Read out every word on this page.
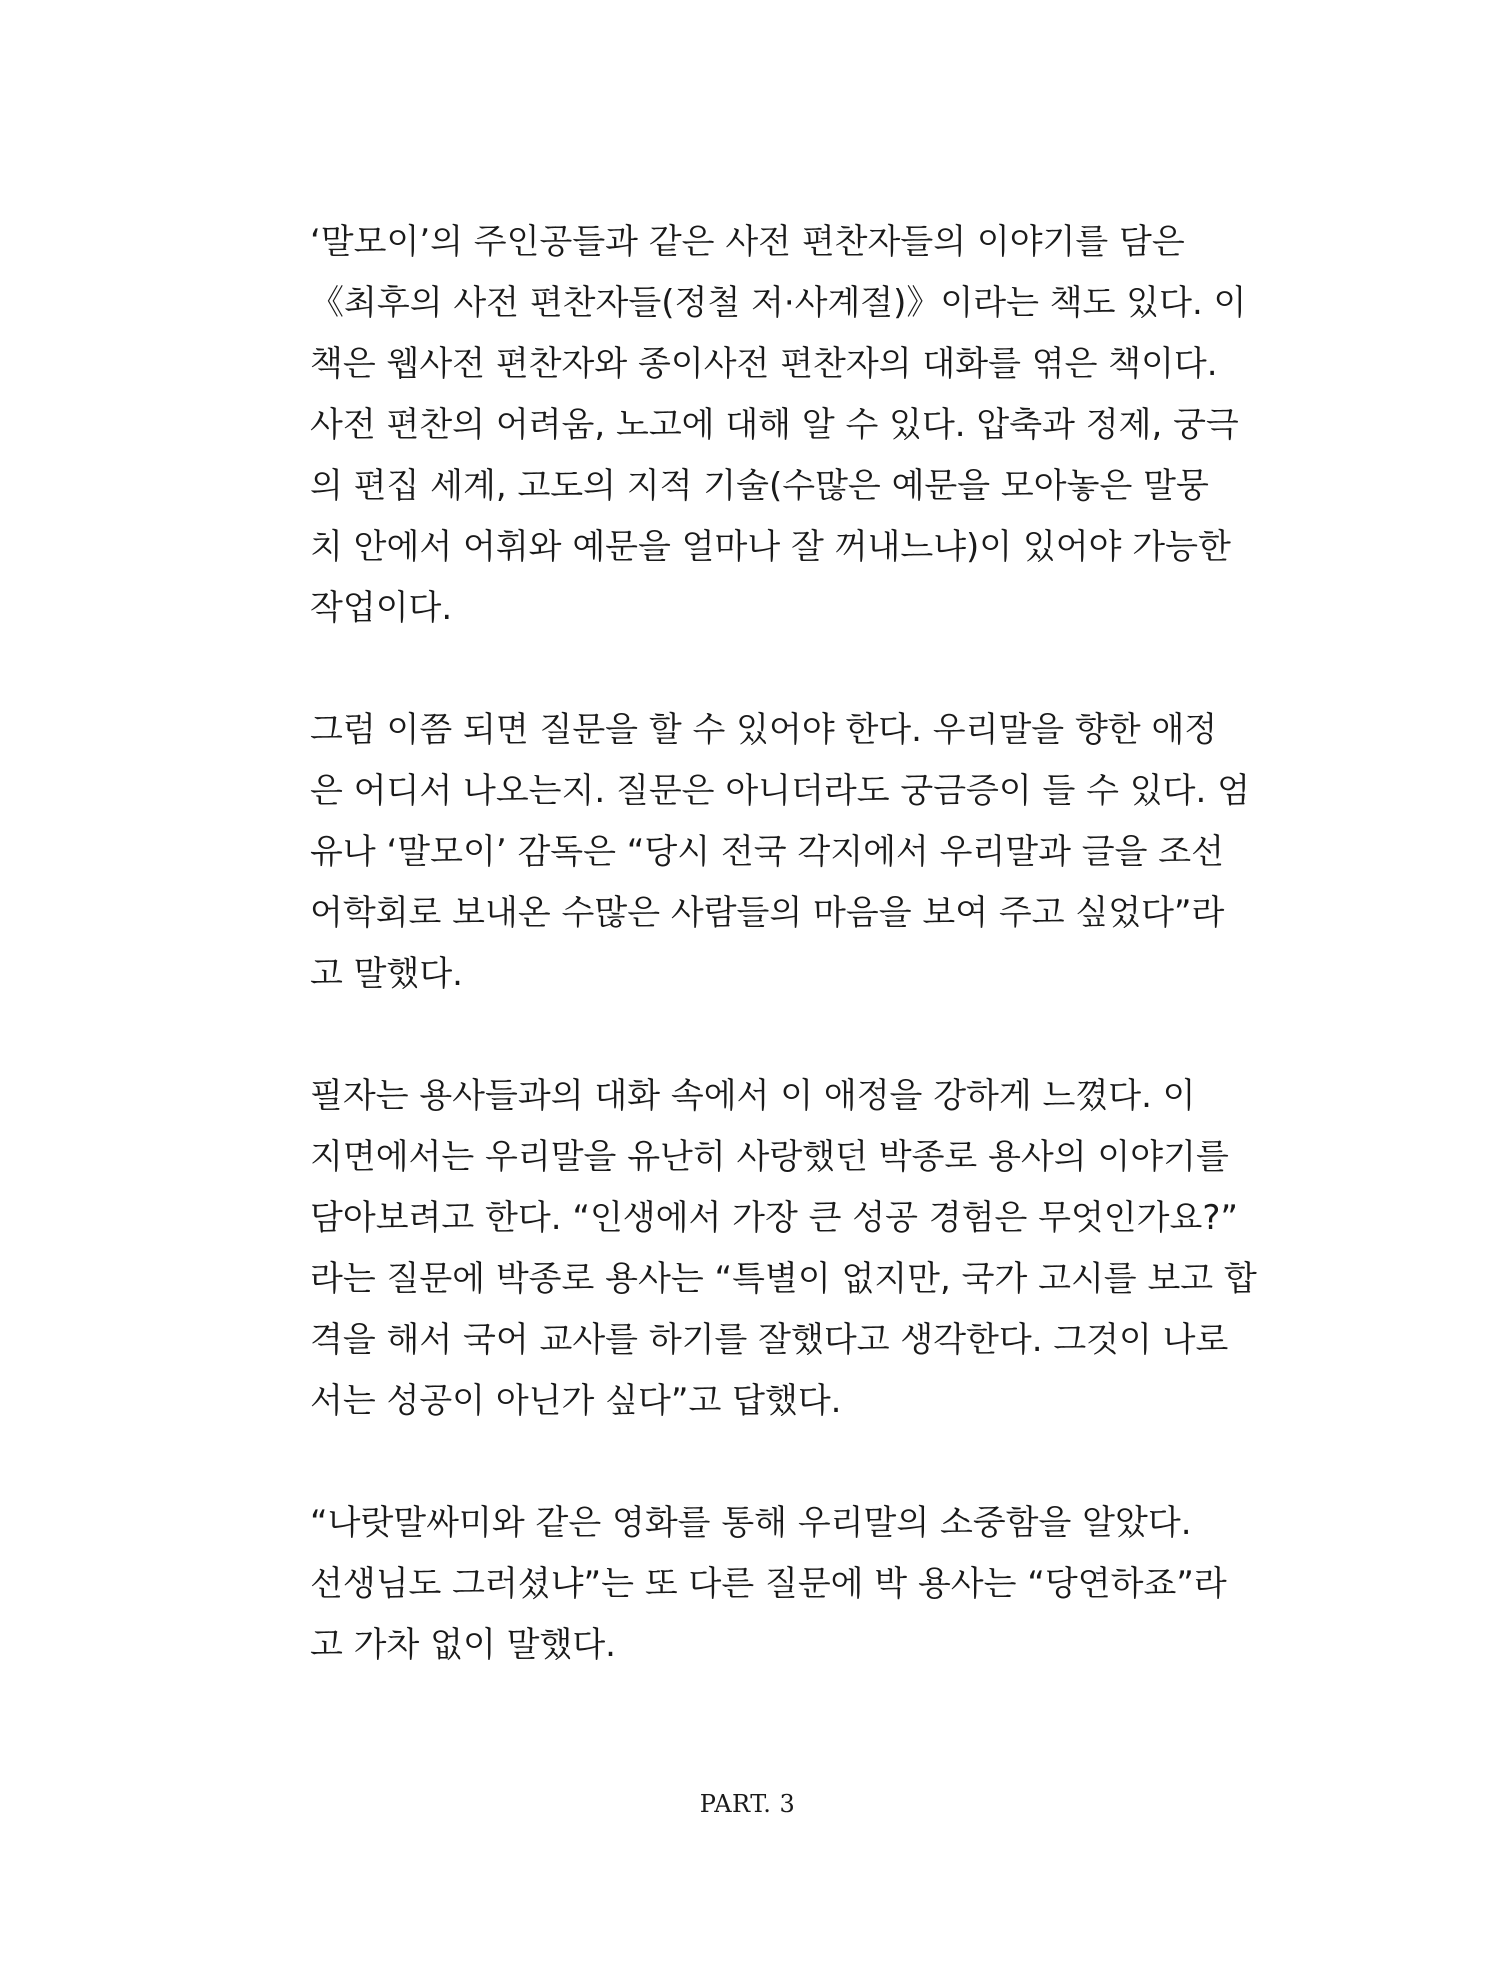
‘말모이’의 주인공들과 같은 사전 편찬자들의 이야기를 담은
《최후의 사전 편찬자들(정철 저·사계절)》이라는 책도 있다. 이
책은 웹사전 편찬자와 종이사전 편찬자의 대화를 엮은 책이다.
사전 편찬의 어려움, 노고에 대해 알 수 있다. 압축과 정제, 궁극
의 편집 세계, 고도의 지적 기술(수많은 예문을 모아놓은 말뭉
치 안에서 어휘와 예문을 얼마나 잘 꺼내느냐)이 있어야 가능한
작업이다.

그럼 이쯤 되면 질문을 할 수 있어야 한다. 우리말을 향한 애정
은 어디서 나오는지. 질문은 아니더라도 궁금증이 들 수 있다. 엄
유나 ‘말모이’ 감독은 “당시 전국 각지에서 우리말과 글을 조선
어학회로 보내온 수많은 사람들의 마음을 보여 주고 싶었다”라
고 말했다.

필자는 용사들과의 대화 속에서 이 애정을 강하게 느꼈다. 이
지면에서는 우리말을 유난히 사랑했던 박종로 용사의 이야기를
담아보려고 한다. “인생에서 가장 큰 성공 경험은 무엇인가요?”
라는 질문에 박종로 용사는 “특별이 없지만, 국가 고시를 보고 합
격을 해서 국어 교사를 하기를 잘했다고 생각한다. 그것이 나로
서는 성공이 아닌가 싶다”고 답했다.

“나랏말싸미와 같은 영화를 통해 우리말의 소중함을 알았다.
선생님도 그러셨냐”는 또 다른 질문에 박 용사는 “당연하죠”라
고 가차 없이 말했다.

PART. 3
